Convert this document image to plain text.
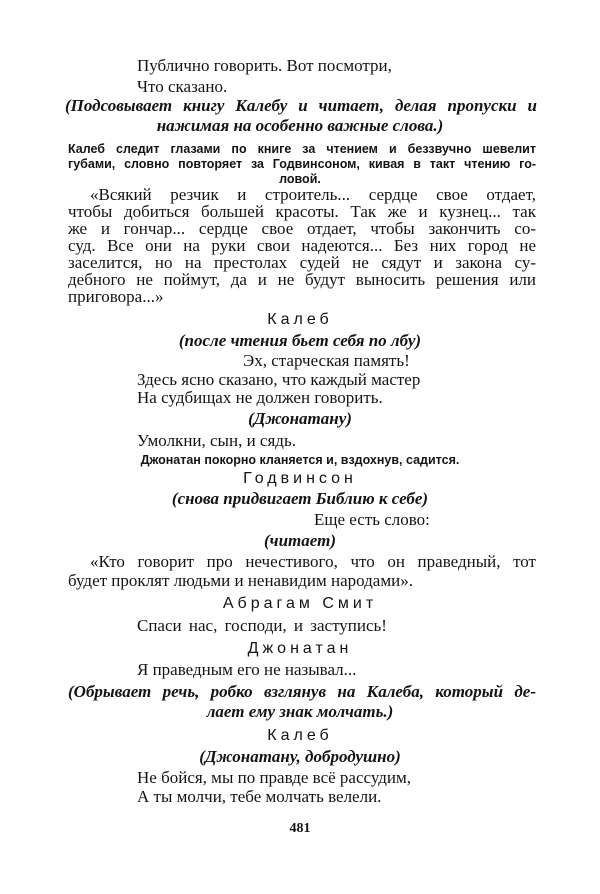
Публично говорить. Вот посмотри,
Что сказано.
(Подсовывает книгу Калебу и читает, делая пропуски и
нажимая на особенно важные слова.)
Калеб следит глазами по книге за чтением и беззвучно шевелит
губами, словно повторяет за Годвинсоном, кивая в такт чтению го-
ловой.
«Всякий резчик и строитель... сердце свое отдает,
чтобы добиться большей красоты. Так же и кузнец... так
же и гончар... сердце свое отдает, чтобы закончить со-
суд. Все они на руки свои надеются... Без них город не
заселится, но на престолах судей не сядут и закона су-
дебного не поймут, да и не будут выносить решения или
приговора...»
Калеб
(после чтения бьет себя по лбу)
Эх, старческая память!
Здесь ясно сказано, что каждый мастер
На судбищах не должен говорить.
(Джонатану)
Умолкни, сын, и сядь.
Джонатан покорно кланяется и, вздохнув, садится.
Годвинсон
(снова придвигает Библию к себе)
Еще есть слово:
(читает)
«Кто говорит про нечестивого, что он праведный, тот
будет проклят людьми и ненавидим народами».
Абрагам Смит
Спаси нас, господи, и заступись!
Джонатан
Я праведным его не называл...
(Обрывает речь, робко взглянув на Калеба, который де-
лает ему знак молчать.)
Калеб
(Джонатану, добродушно)
Не бойся, мы по правде всё рассудим,
А ты молчи, тебе молчать велели.
481
